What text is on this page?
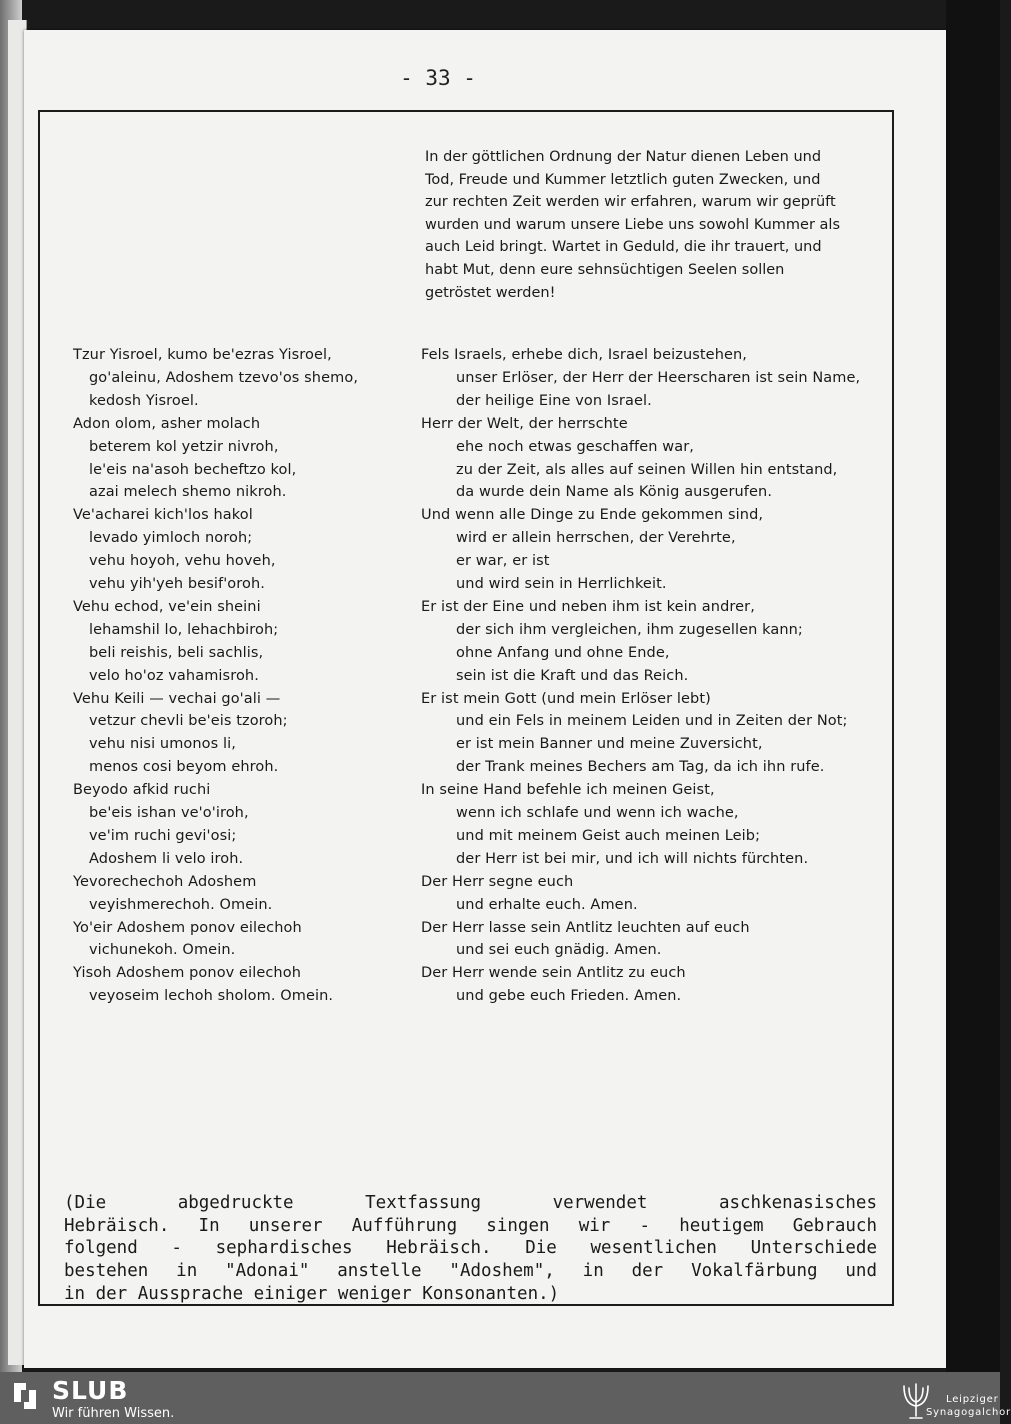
- 33 -
In der göttlichen Ordnung der Natur dienen Leben und
Tod, Freude und Kummer letztlich guten Zwecken, und
zur rechten Zeit werden wir erfahren, warum wir geprüft
wurden und warum unsere Liebe uns sowohl Kummer als
auch Leid bringt. Wartet in Geduld, die ihr trauert, und
habt Mut, denn eure sehnsüchtigen Seelen sollen
getröstet werden!
Tzur Yisroel, kumo be'ezras Yisroel,	Fels Israels, erhebe dich, Israel beizustehen,
go'aleinu, Adoshem tzevo'os shemo,	unser Erlöser, der Herr der Heerscharen ist sein Name,
kedosh Yisroel.	der heilige Eine von Israel.
Adon olom, asher molach	Herr der Welt, der herrschte
beterem kol yetzir nivroh,	ehe noch etwas geschaffen war,
le'eis na'asoh becheftzo kol,	zu der Zeit, als alles auf seinen Willen hin entstand,
azai melech shemo nikroh.	da wurde dein Name als König ausgerufen.
Ve'acharei kich'los hakol	Und wenn alle Dinge zu Ende gekommen sind,
levado yimloch noroh;	wird er allein herrschen, der Verehrte,
vehu hoyoh, vehu hoveh,	er war, er ist
vehu yih'yeh besif'oroh.	und wird sein in Herrlichkeit.
Vehu echod, ve'ein sheini	Er ist der Eine und neben ihm ist kein andrer,
lehamshil lo, lehachbiroh;	der sich ihm vergleichen, ihm zugesellen kann;
beli reishis, beli sachlis,	ohne Anfang und ohne Ende,
velo ho'oz vahamisroh.	sein ist die Kraft und das Reich.
Vehu Keili — vechai go'ali —	Er ist mein Gott (und mein Erlöser lebt)
vetzur chevli be'eis tzoroh;	und ein Fels in meinem Leiden und in Zeiten der Not;
vehu nisi umonos li,	er ist mein Banner und meine Zuversicht,
menos cosi beyom ehroh.	der Trank meines Bechers am Tag, da ich ihn rufe.
Beyodo afkid ruchi	In seine Hand befehle ich meinen Geist,
be'eis ishan ve'o'iroh,	wenn ich schlafe und wenn ich wache,
ve'im ruchi gevi'osi;	und mit meinem Geist auch meinen Leib;
Adoshem li velo iroh.	der Herr ist bei mir, und ich will nichts fürchten.
Yevorechechoh Adoshem	Der Herr segne euch
veyishmerechoh. Omein.	und erhalte euch. Amen.
Yo'eir Adoshem ponov eilechoh	Der Herr lasse sein Antlitz leuchten auf euch
vichunekoh. Omein.	und sei euch gnädig. Amen.
Yisoh Adoshem ponov eilechoh	Der Herr wende sein Antlitz zu euch
veyoseim lechoh sholom. Omein.	und gebe euch Frieden. Amen.
(Die abgedruckte Textfassung verwendet aschkenasisches
Hebräisch. In unserer Aufführung singen wir - heutigem Gebrauch
folgend - sephardisches Hebräisch. Die wesentlichen Unterschiede
bestehen in "Adonai" anstelle "Adoshem", in der Vokalfärbung und
in der Aussprache einiger weniger Konsonanten.)
SLUB
Wir führen Wissen.
Leipziger
Synagogalchor
